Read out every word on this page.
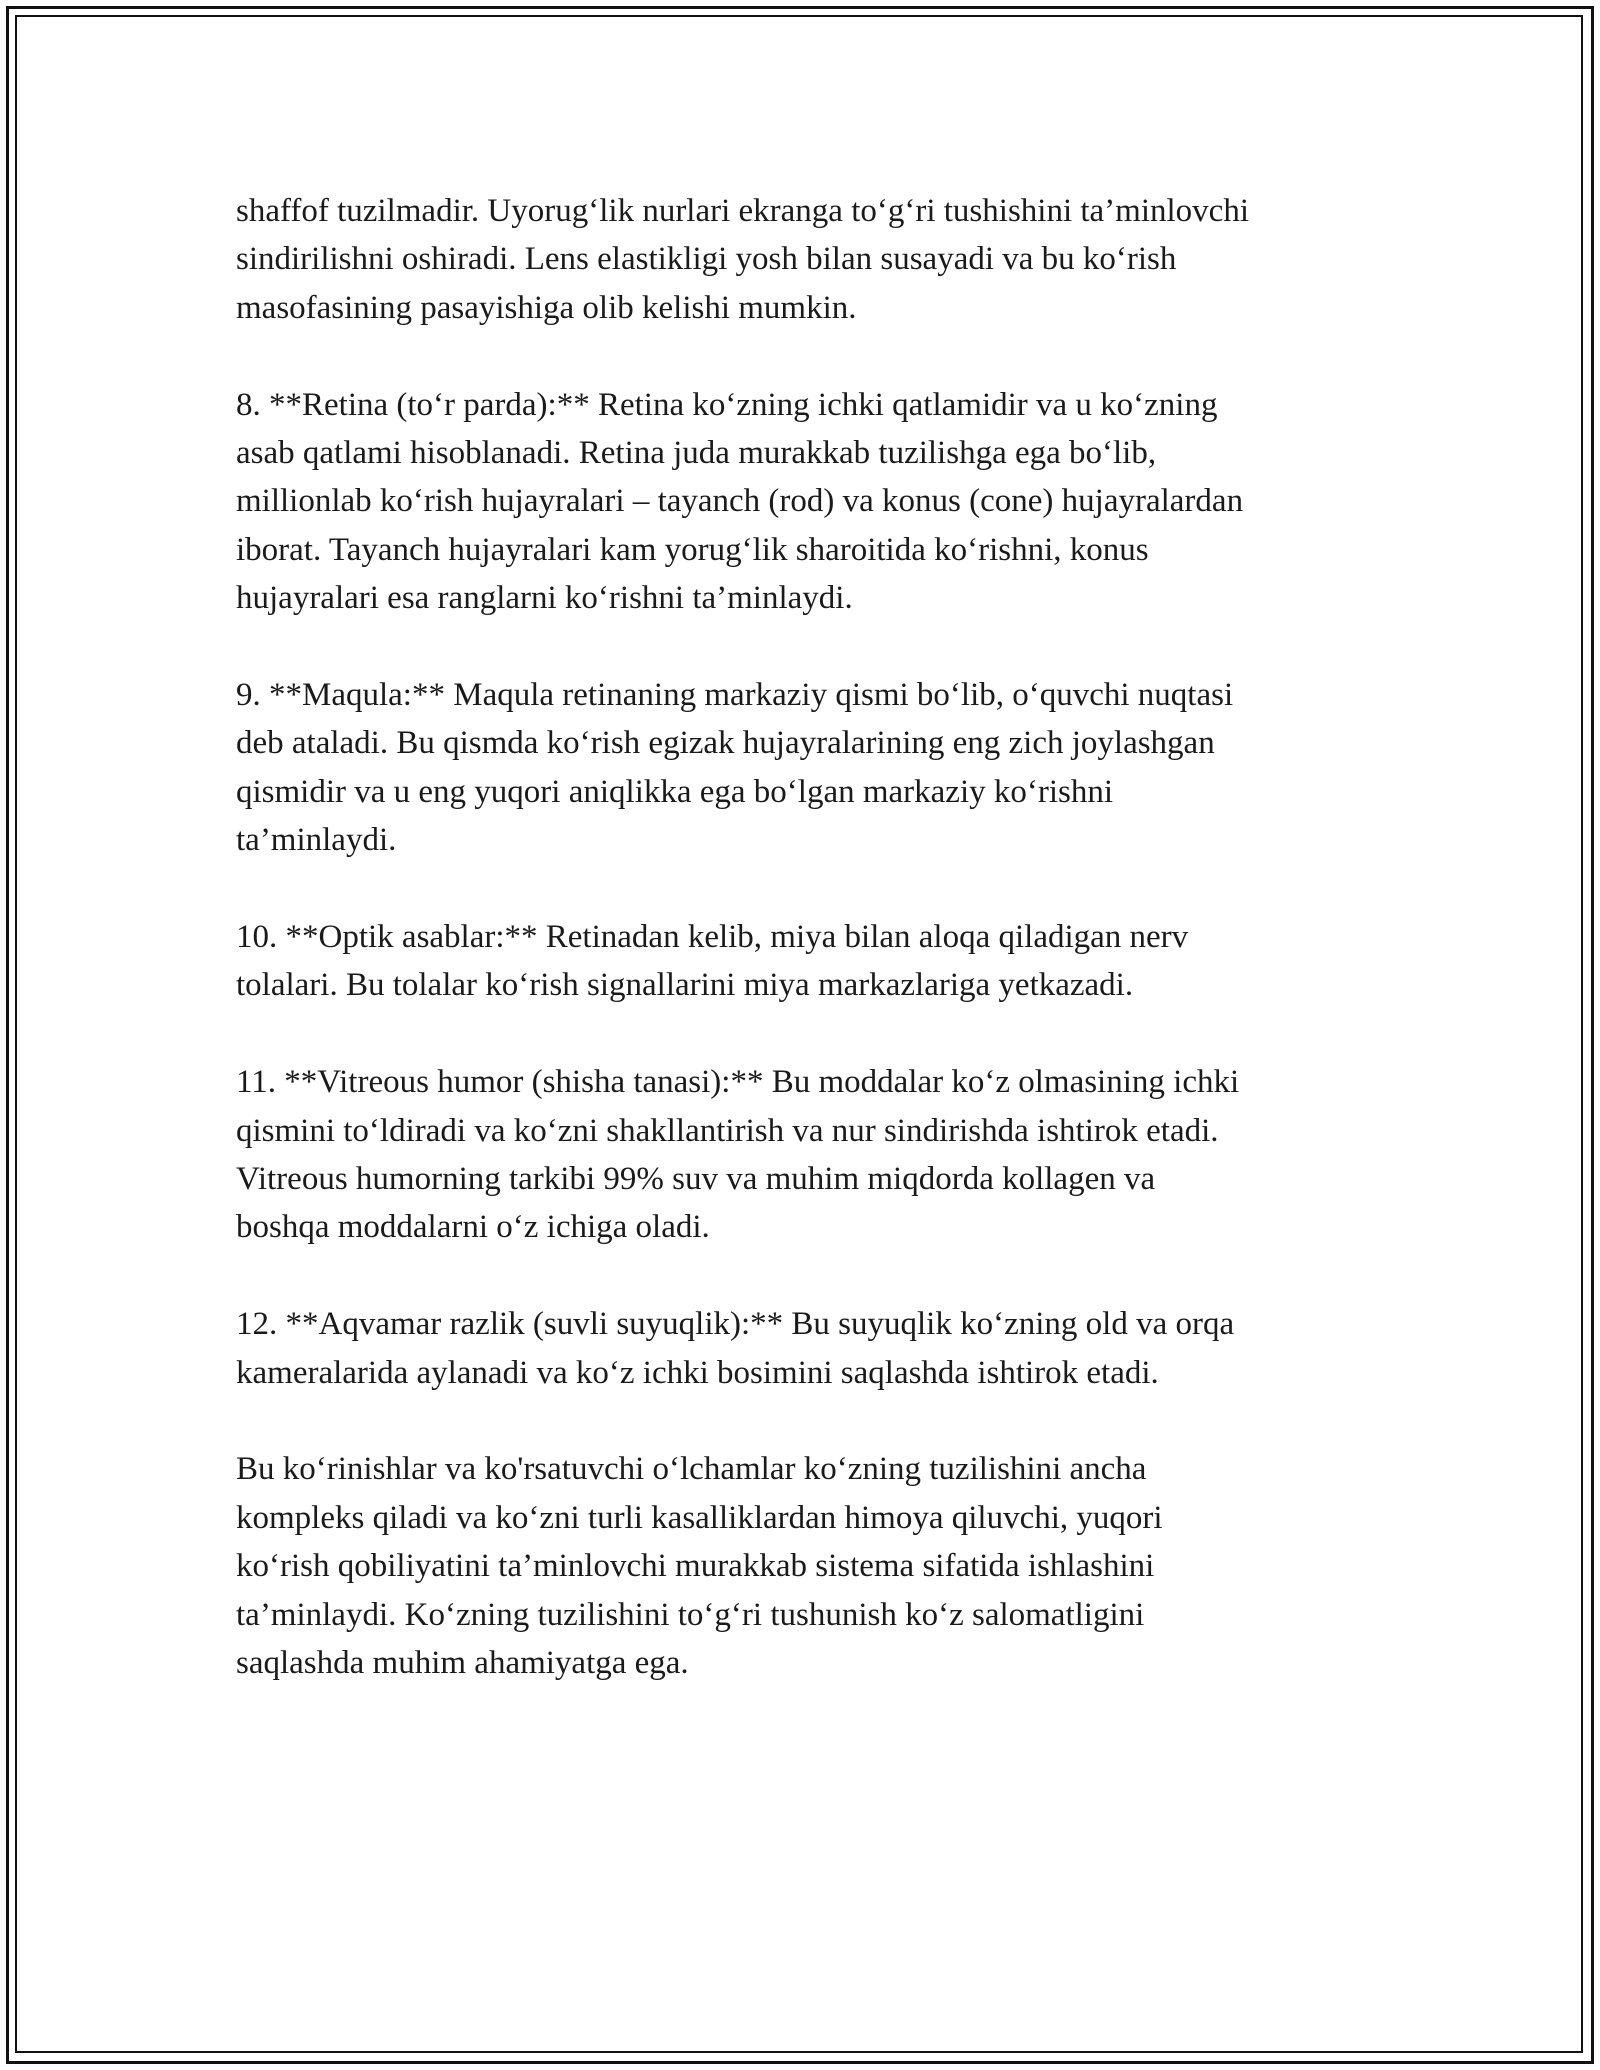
shaffof tuzilmadir. Uyorug‘lik nurlari ekranga to‘g‘ri tushishini ta’minlovchi
sindirilishni oshiradi. Lens elastikligi yosh bilan susayadi va bu ko‘rish
masofasining pasayishiga olib kelishi mumkin.

8. **Retina (to‘r parda):** Retina ko‘zning ichki qatlamidir va u ko‘zning
asab qatlami hisoblanadi. Retina juda murakkab tuzilishga ega bo‘lib,
millionlab ko‘rish hujayralari – tayanch (rod) va konus (cone) hujayralardan
iborat. Tayanch hujayralari kam yorug‘lik sharoitida ko‘rishni, konus
hujayralari esa ranglarni ko‘rishni ta’minlaydi.

9. **Maqula:** Maqula retinaning markaziy qismi bo‘lib, o‘quvchi nuqtasi
deb ataladi. Bu qismda ko‘rish egizak hujayralarining eng zich joylashgan
qismidir va u eng yuqori aniqlikka ega bo‘lgan markaziy ko‘rishni
ta’minlaydi.

10. **Optik asablar:** Retinadan kelib, miya bilan aloqa qiladigan nerv
tolalari. Bu tolalar ko‘rish signallarini miya markazlariga yetkazadi.

11. **Vitreous humor (shisha tanasi):** Bu moddalar ko‘z olmasining ichki
qismini to‘ldiradi va ko‘zni shakllantirish va nur sindirishda ishtirok etadi.
Vitreous humorning tarkibi 99% suv va muhim miqdorda kollagen va
boshqa moddalarni o‘z ichiga oladi.

12. **Aqvamar razlik (suvli suyuqlik):** Bu suyuqlik ko‘zning old va orqa
kameralarida aylanadi va ko‘z ichki bosimini saqlashda ishtirok etadi.

Bu ko‘rinishlar va ko'rsatuvchi o‘lchamlar ko‘zning tuzilishini ancha
kompleks qiladi va ko‘zni turli kasalliklardan himoya qiluvchi, yuqori
ko‘rish qobiliyatini ta’minlovchi murakkab sistema sifatida ishlashini
ta’minlaydi. Ko‘zning tuzilishini to‘g‘ri tushunish ko‘z salomatligini
saqlashda muhim ahamiyatga ega.
